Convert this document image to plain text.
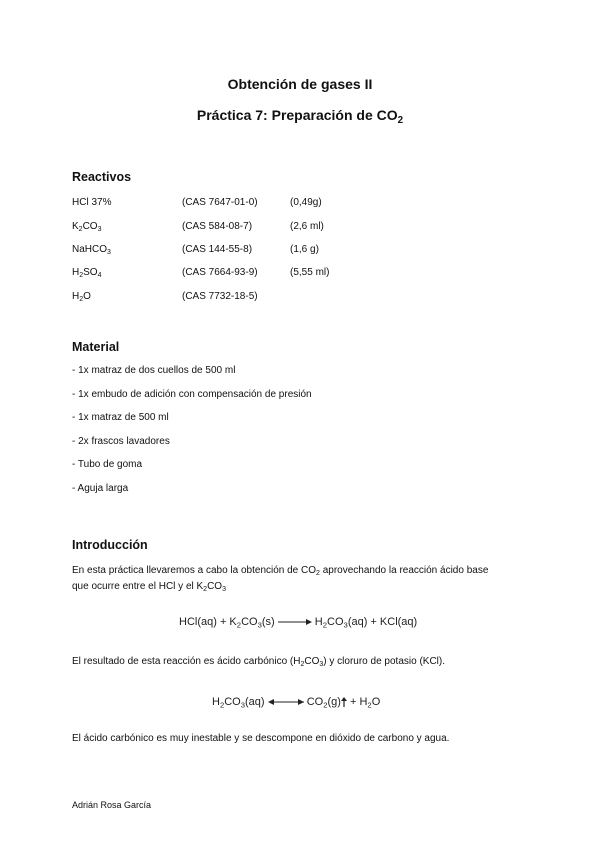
Obtención de gases II
Práctica 7: Preparación de $CO_2$
Reactivos
HCl 37%	(CAS 7647-01-0)	(0,49g)
$K_2CO_3$	(CAS 584-08-7)	(2,6 ml)
NaHCO$_3$	(CAS 144-55-8)	(1,6 g)
$H_2SO_4$	(CAS 7664-93-9)	(5,55 ml)
$H_2O$	(CAS 7732-18-5)
Material
- 1x matraz de dos cuellos de 500 ml
- 1x embudo de adición con compensación de presión
- 1x matraz de 500 ml
- 2x frascos lavadores
- Tubo de goma
- Aguja larga
Introducción
En esta práctica llevaremos a cabo la obtención de $CO_2$ aprovechando la reacción ácido base
que ocurre entre el HCl y el $K_2CO_3$
$HCl(aq) + K_2CO_3(s) \to H_2CO_3(aq) + KCl(aq)$
El resultado de esta reacción es ácido carbónico $(H_2CO_3)$ y cloruro de potasio (KCl).
$H_2CO_3(aq)$	$CO_2(g) + H_2O$
El ácido carbónico es muy inestable y se descompone en dióxido de carbono y agua.
Adrián Rosa García
